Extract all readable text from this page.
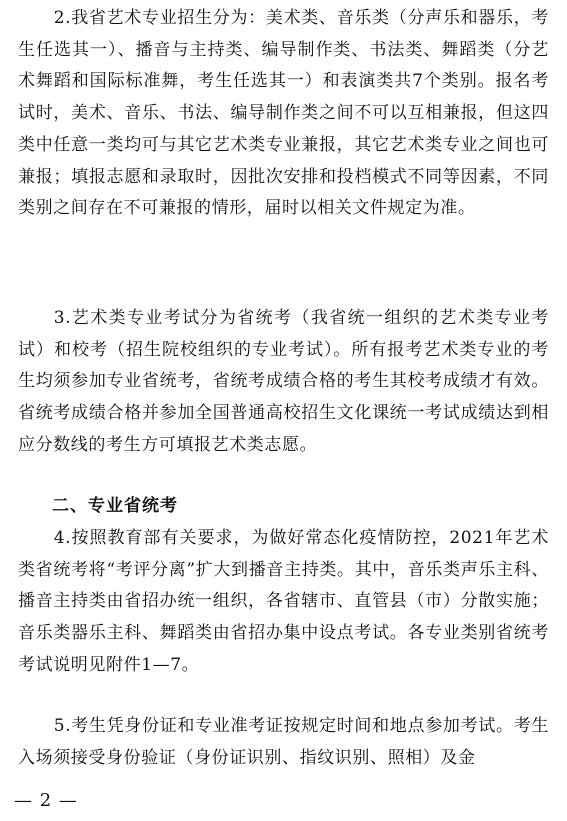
2.我省艺术专业招生分为：美术类、音乐类（分声乐和器乐，考生任选其一）、播音与主持类、编导制作类、书法类、舞蹈类（分艺术舞蹈和国际标准舞，考生任选其一）和表演类共7个类别。报名考试时，美术、音乐、书法、编导制作类之间不可以互相兼报，但这四类中任意一类均可与其它艺术类专业兼报，其它艺术类专业之间也可兼报；填报志愿和录取时，因批次安排和投档模式不同等因素，不同类别之间存在不可兼报的情形，届时以相关文件规定为准。

3.艺术类专业考试分为省统考（我省统一组织的艺术类专业考试）和校考（招生院校组织的专业考试）。所有报考艺术类专业的考生均须参加专业省统考，省统考成绩合格的考生其校考成绩才有效。省统考成绩合格并参加全国普通高校招生文化课统一考试成绩达到相应分数线的考生方可填报艺术类志愿。

二、专业省统考

4.按照教育部有关要求，为做好常态化疫情防控，2021年艺术类省统考将“考评分离”扩大到播音主持类。其中，音乐类声乐主科、播音主持类由省招办统一组织，各省辖市、直管县（市）分散实施；音乐类器乐主科、舞蹈类由省招办集中设点考试。各专业类别省统考考试说明见附件1—7。

5.考生凭身份证和专业准考证按规定时间和地点参加考试。考生入场须接受身份验证（身份证识别、指纹识别、照相）及金

— 2 —
